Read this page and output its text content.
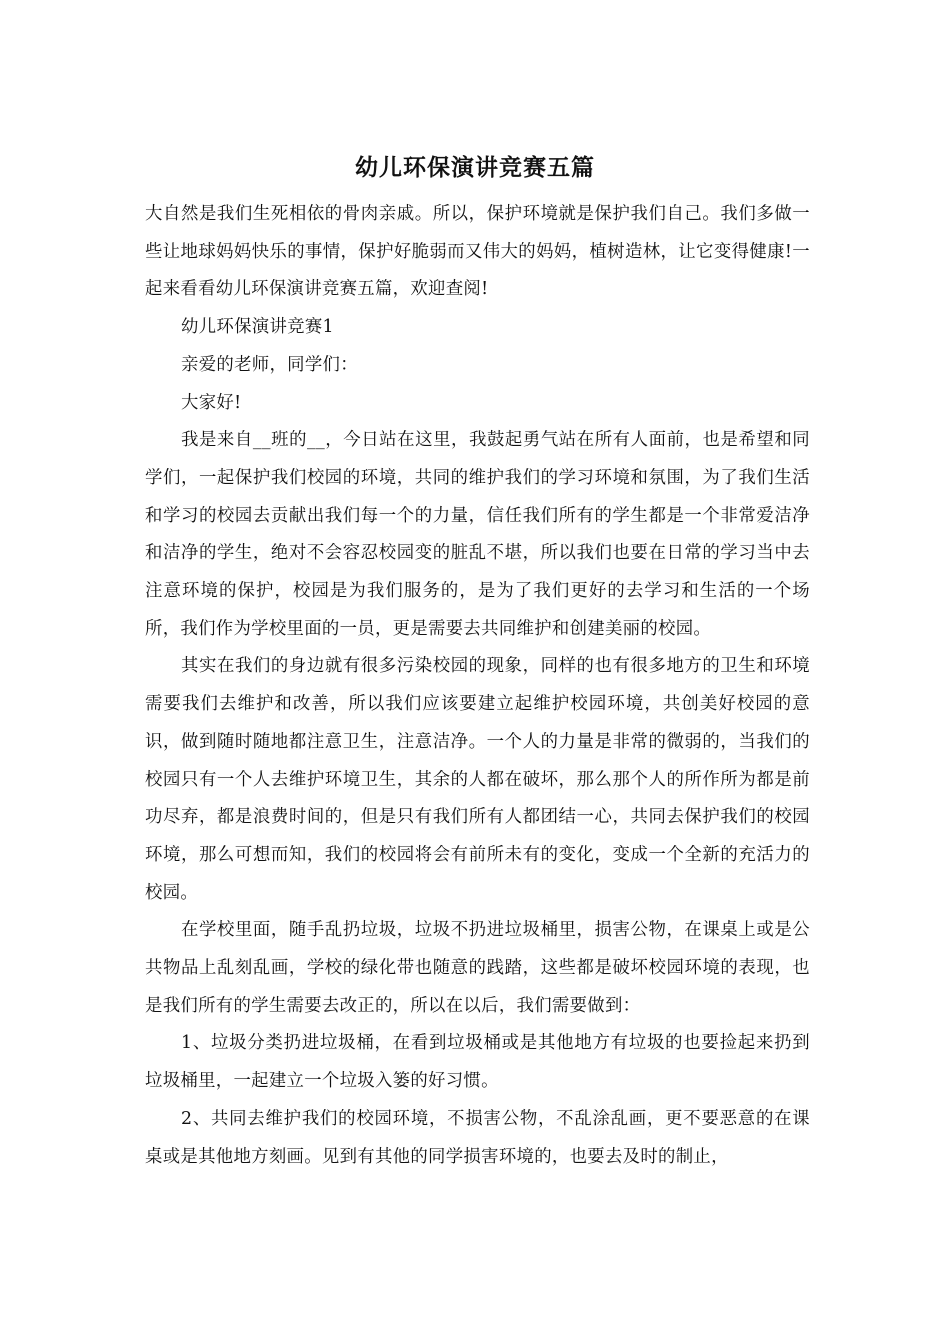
幼儿环保演讲竞赛五篇

大自然是我们生死相依的骨肉亲戚。所以，保护环境就是保护我们自己。我们多做一些让地球妈妈快乐的事情，保护好脆弱而又伟大的妈妈，植树造林，让它变得健康!一起来看看幼儿环保演讲竞赛五篇，欢迎查阅!

幼儿环保演讲竞赛1

亲爱的老师，同学们：

大家好!

我是来自__班的__，今日站在这里，我鼓起勇气站在所有人面前，也是希望和同学们，一起保护我们校园的环境，共同的维护我们的学习环境和氛围，为了我们生活和学习的校园去贡献出我们每一个的力量，信任我们所有的学生都是一个非常爱洁净和洁净的学生，绝对不会容忍校园变的脏乱不堪，所以我们也要在日常的学习当中去注意环境的保护，校园是为我们服务的，是为了我们更好的去学习和生活的一个场所，我们作为学校里面的一员，更是需要去共同维护和创建美丽的校园。

其实在我们的身边就有很多污染校园的现象，同样的也有很多地方的卫生和环境需要我们去维护和改善，所以我们应该要建立起维护校园环境，共创美好校园的意识，做到随时随地都注意卫生，注意洁净。一个人的力量是非常的微弱的，当我们的校园只有一个人去维护环境卫生，其余的人都在破坏，那么那个人的所作所为都是前功尽弃，都是浪费时间的，但是只有我们所有人都团结一心，共同去保护我们的校园环境，那么可想而知，我们的校园将会有前所未有的变化，变成一个全新的充活力的校园。

在学校里面，随手乱扔垃圾，垃圾不扔进垃圾桶里，损害公物，在课桌上或是公共物品上乱刻乱画，学校的绿化带也随意的践踏，这些都是破坏校园环境的表现，也是我们所有的学生需要去改正的，所以在以后，我们需要做到：

1、垃圾分类扔进垃圾桶，在看到垃圾桶或是其他地方有垃圾的也要捡起来扔到垃圾桶里，一起建立一个垃圾入篓的好习惯。

2、共同去维护我们的校园环境，不损害公物，不乱涂乱画，更不要恶意的在课桌或是其他地方刻画。见到有其他的同学损害环境的，也要去及时的制止，
